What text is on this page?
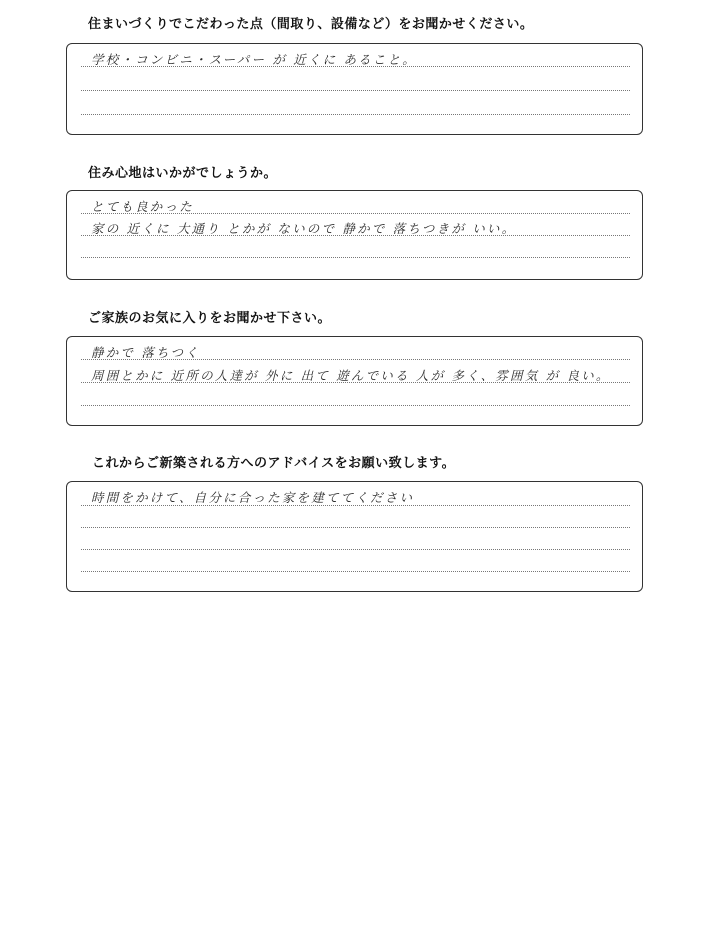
住まいづくりでこだわった点（間取り、設備など）をお聞かせください。
学校・コンビニ・スーパー が 近くに あること。
住み心地はいかがでしょうか。
とても良かった
家の 近くに 大通り とかが ないので 静かで 落ちつきが いい。
ご家族のお気に入りをお聞かせ下さい。
静かで 落ちつく
周囲とかに 近所の人達が 外に 出て 遊んでいる 人が 多く、雰囲気 が 良い。
これからご新築される方へのアドバイスをお願い致します。
時間をかけて、自分に合った家を建ててください
